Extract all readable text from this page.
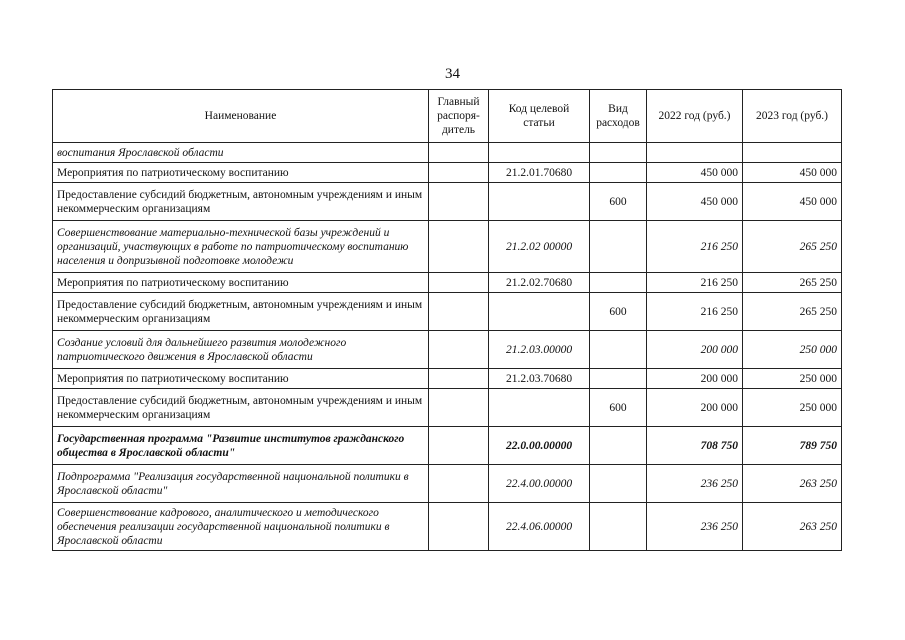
34
Наименование	Главный распоря-дитель	Код целевой статьи	Вид расходов	2022 год (руб.)	2023 год (руб.)
воспитания Ярославской области					
Мероприятия по патриотическому воспитанию		21.2.01.70680		450 000	450 000
Предоставление субсидий бюджетным, автономным учреждениям и иным некоммерческим организациям			600	450 000	450 000
Совершенствование материально-технической базы учреждений и организаций, участвующих в работе по патриотическому воспитанию населения и допризывной подготовке молодежи		21.2.02 00000		216 250	265 250
Мероприятия по патриотическому воспитанию		21.2.02.70680		216 250	265 250
Предоставление субсидий бюджетным, автономным учреждениям и иным некоммерческим организациям			600	216 250	265 250
Создание условий для дальнейшего развития молодежного патриотического движения в Ярославской области		21.2.03.00000		200 000	250 000
Мероприятия по патриотическому воспитанию		21.2.03.70680		200 000	250 000
Предоставление субсидий бюджетным, автономным учреждениям и иным некоммерческим организациям			600	200 000	250 000
Государственная программа "Развитие институтов гражданского общества в Ярославской области"		22.0.00.00000		708 750	789 750
Подпрограмма "Реализация государственной национальной политики в Ярославской области"		22.4.00.00000		236 250	263 250
Совершенствование кадрового, аналитического и методического обеспечения реализации государственной национальной политики в Ярославской области		22.4.06.00000		236 250	263 250
